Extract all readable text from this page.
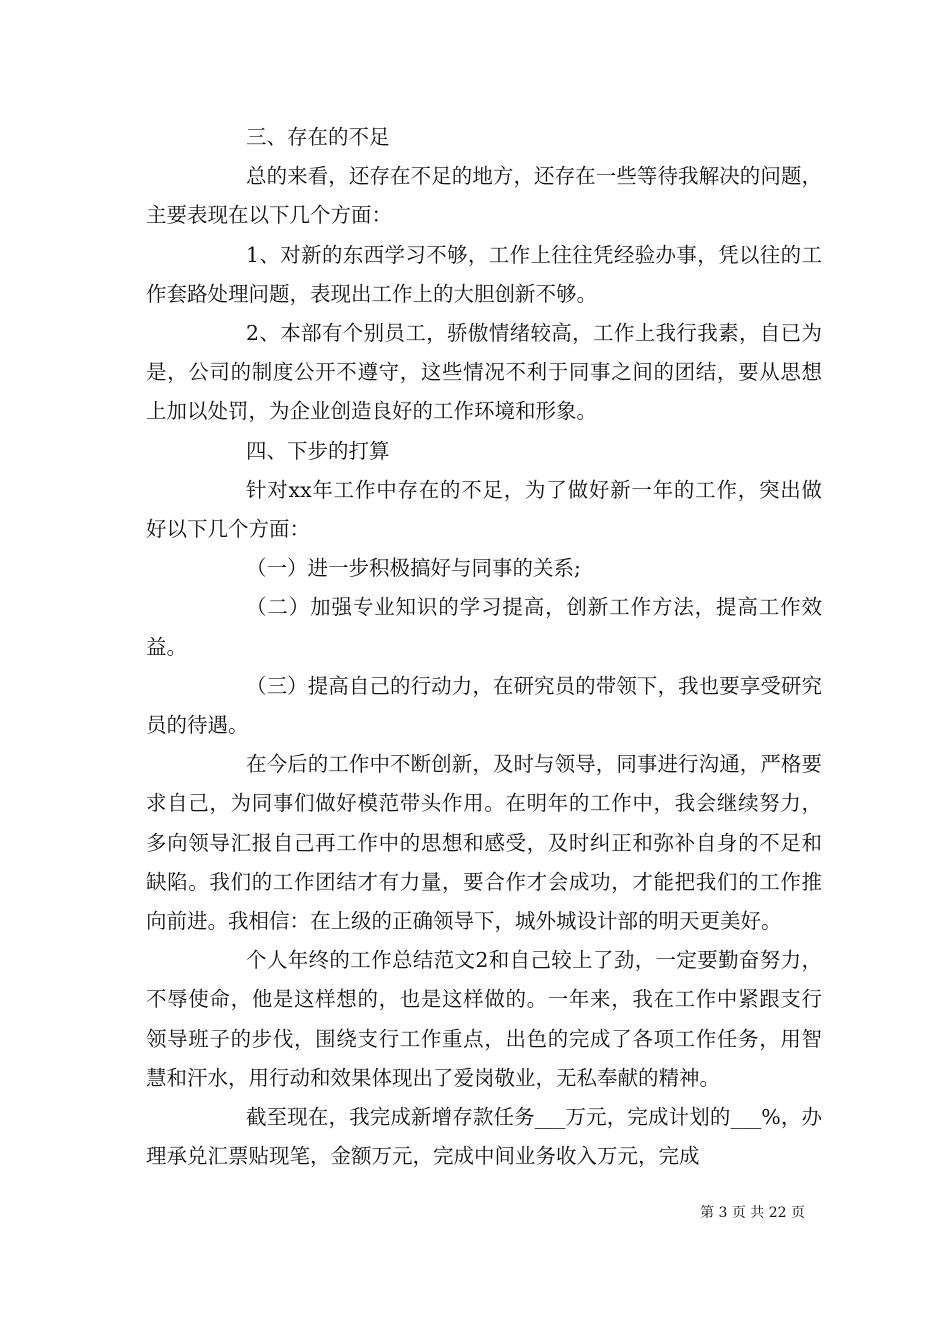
三、存在的不足

总的来看，还存在不足的地方，还存在一些等待我解决的问题，主要表现在以下几个方面：

1、对新的东西学习不够，工作上往往凭经验办事，凭以往的工作套路处理问题，表现出工作上的大胆创新不够。

2、本部有个别员工，骄傲情绪较高，工作上我行我素，自已为是，公司的制度公开不遵守，这些情况不利于同事之间的团结，要从思想上加以处罚，为企业创造良好的工作环境和形象。

四、下步的打算

针对xx年工作中存在的不足，为了做好新一年的工作，突出做好以下几个方面：

（一）进一步积极搞好与同事的关系;

（二）加强专业知识的学习提高，创新工作方法，提高工作效益。

（三）提高自己的行动力，在研究员的带领下，我也要享受研究员的待遇。

在今后的工作中不断创新，及时与领导，同事进行沟通，严格要求自己，为同事们做好模范带头作用。在明年的工作中，我会继续努力，多向领导汇报自己再工作中的思想和感受，及时纠正和弥补自身的不足和缺陷。我们的工作团结才有力量，要合作才会成功，才能把我们的工作推向前进。我相信：在上级的正确领导下，城外城设计部的明天更美好。

个人年终的工作总结范文2和自己较上了劲，一定要勤奋努力，不辱使命，他是这样想的，也是这样做的。一年来，我在工作中紧跟支行领导班子的步伐，围绕支行工作重点，出色的完成了各项工作任务，用智慧和汗水，用行动和效果体现出了爱岗敬业，无私奉献的精神。

截至现在，我完成新增存款任务___万元，完成计划的___%，办理承兑汇票贴现笔，金额万元，完成中间业务收入万元，完成

第 3 页 共 22 页
